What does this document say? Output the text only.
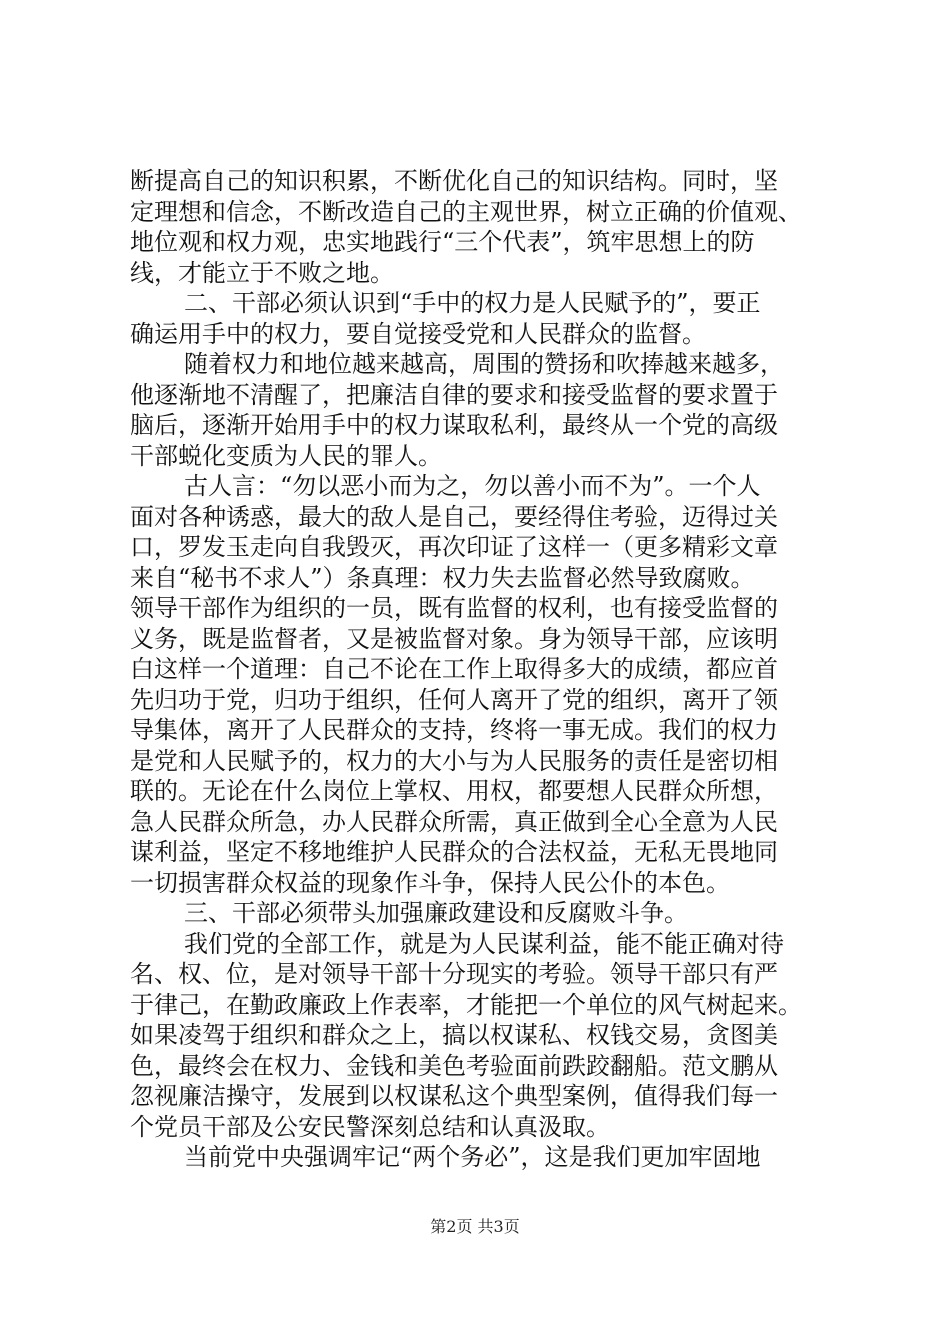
断提高自己的知识积累，不断优化自己的知识结构。同时，坚
定理想和信念，不断改造自己的主观世界，树立正确的价值观、
地位观和权力观，忠实地践行“三个代表”，筑牢思想上的防
线，才能立于不败之地。
二、干部必须认识到“手中的权力是人民赋予的”，要正
确运用手中的权力，要自觉接受党和人民群众的监督。
随着权力和地位越来越高，周围的赞扬和吹捧越来越多，
他逐渐地不清醒了，把廉洁自律的要求和接受监督的要求置于
脑后，逐渐开始用手中的权力谋取私利，最终从一个党的高级
干部蜕化变质为人民的罪人。
古人言：“勿以恶小而为之，勿以善小而不为”。一个人
面对各种诱惑，最大的敌人是自己，要经得住考验，迈得过关
口，罗发玉走向自我毁灭，再次印证了这样一（更多精彩文章
来自“秘书不求人”）条真理：权力失去监督必然导致腐败。
领导干部作为组织的一员，既有监督的权利，也有接受监督的
义务，既是监督者，又是被监督对象。身为领导干部，应该明
白这样一个道理：自己不论在工作上取得多大的成绩，都应首
先归功于党，归功于组织，任何人离开了党的组织，离开了领
导集体，离开了人民群众的支持，终将一事无成。我们的权力
是党和人民赋予的，权力的大小与为人民服务的责任是密切相
联的。无论在什么岗位上掌权、用权，都要想人民群众所想，
急人民群众所急，办人民群众所需，真正做到全心全意为人民
谋利益，坚定不移地维护人民群众的合法权益，无私无畏地同
一切损害群众权益的现象作斗争，保持人民公仆的本色。
三、干部必须带头加强廉政建设和反腐败斗争。
我们党的全部工作，就是为人民谋利益，能不能正确对待
名、权、位，是对领导干部十分现实的考验。领导干部只有严
于律己，在勤政廉政上作表率，才能把一个单位的风气树起来。
如果凌驾于组织和群众之上，搞以权谋私、权钱交易，贪图美
色，最终会在权力、金钱和美色考验面前跌跤翻船。范文鹏从
忽视廉洁操守，发展到以权谋私这个典型案例，值得我们每一
个党员干部及公安民警深刻总结和认真汲取。
当前党中央强调牢记“两个务必”，这是我们更加牢固地
第2页 共3页
